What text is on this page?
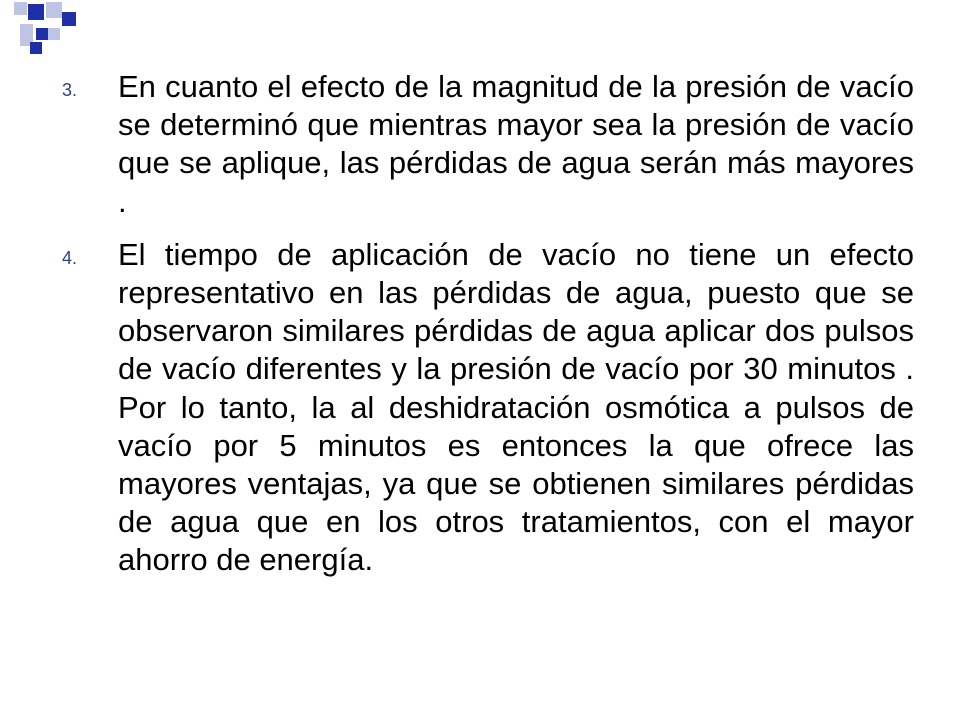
3.	En cuanto el efecto de la magnitud de la presión de vacío se determinó que mientras mayor sea la presión de vacío que se aplique, las pérdidas de agua serán más mayores .
4.	El tiempo de aplicación de vacío no tiene un efecto representativo en las pérdidas de agua, puesto que se observaron similares pérdidas de agua aplicar dos pulsos de vacío diferentes y la presión de vacío por 30 minutos . Por lo tanto, la al deshidratación osmótica a pulsos de vacío por 5 minutos es entonces la que ofrece las mayores ventajas, ya que se obtienen similares pérdidas de agua que en los otros tratamientos, con el mayor ahorro de energía.
